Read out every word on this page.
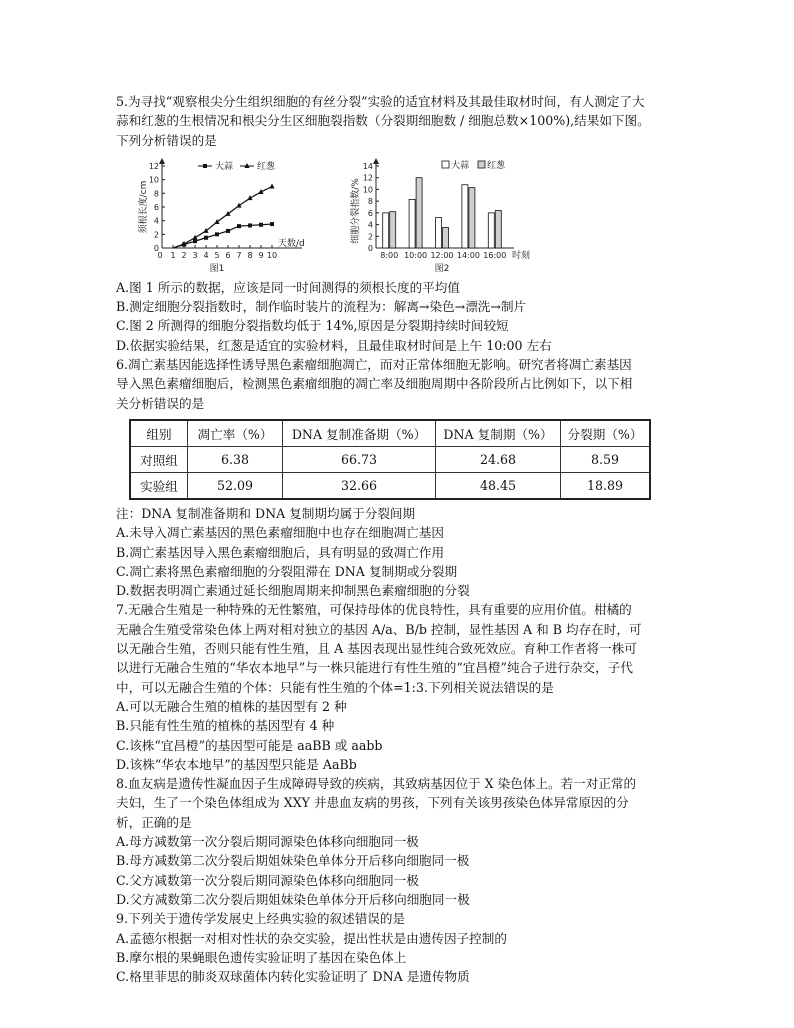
5.为寻找“观察根尖分生组织细胞的有丝分裂”实验的适宜材料及其最佳取材时间，有人测定了大
蒜和红葱的生根情况和根尖分生区细胞裂指数（分裂期细胞数 / 细胞总数×100%),结果如下图。
下列分析错误的是
0
2
4
6
8
10
12
0 1 2 3 4 5 6 7 8 9 10
天数/d
须根长度/cm
图1
大蒜	红葱
0
2
4
6
8
10
12
14
8:00 10:00 12:00 14:00 16:00 时刻
细胞分裂指数/%
图2
大蒜 红葱
A.图 1 所示的数据，应该是同一时间测得的须根长度的平均值
B.测定细胞分裂指数时，制作临时装片的流程为：解离→染色→漂洗→制片
C.图 2 所测得的细胞分裂指数均低于 14%,原因是分裂期持续时间较短
D.依据实验结果，红葱是适宜的实验材料，且最佳取材时间是上午 10:00 左右
6.凋亡素基因能选择性诱导黑色素瘤细胞凋亡，而对正常体细胞无影响。研究者将凋亡素基因
导入黑色素瘤细胞后，检测黑色素瘤细胞的凋亡率及细胞周期中各阶段所占比例如下，以下相
关分析错误的是
组别	凋亡率（%）	DNA 复制准备期（%）	DNA 复制期（%）	分裂期（%）
对照组	6.38	66.73	24.68	8.59
实验组	52.09	32.66	48.45	18.89
注：DNA 复制准备期和 DNA 复制期均属于分裂间期
A.未导入凋亡素基因的黑色素瘤细胞中也存在细胞凋亡基因
B.凋亡素基因导入黑色素瘤细胞后，具有明显的致凋亡作用
C.凋亡素将黑色素瘤细胞的分裂阻滞在 DNA 复制期或分裂期
D.数据表明凋亡素通过延长细胞周期来抑制黑色素瘤细胞的分裂
7.无融合生殖是一种特殊的无性繁殖，可保持母体的优良特性，具有重要的应用价值。柑橘的
无融合生殖受常染色体上两对相对独立的基因 A/a、B/b 控制，显性基因 A 和 B 均存在时，可
以无融合生殖，否则只能有性生殖，且 A 基因表现出显性纯合致死效应。育种工作者将一株可
以进行无融合生殖的“华农本地早”与一株只能进行有性生殖的“宜昌橙”纯合子进行杂交，子代
中，可以无融合生殖的个体：只能有性生殖的个体=1:3.下列相关说法错误的是
A.可以无融合生殖的植株的基因型有 2 种
B.只能有性生殖的植株的基因型有 4 种
C.该株“宜昌橙”的基因型可能是 aaBB 或 aabb
D.该株“华农本地早”的基因型只能是 AaBb
8.血友病是遗传性凝血因子生成障碍导致的疾病，其致病基因位于 X 染色体上。若一对正常的
夫妇，生了一个染色体组成为 XXY 并患血友病的男孩，下列有关该男孩染色体异常原因的分
析，正确的是
A.母方减数第一次分裂后期同源染色体移向细胞同一极
B.母方减数第二次分裂后期姐妹染色单体分开后移向细胞同一极
C.父方减数第一次分裂后期同源染色体移向细胞同一极
D.父方减数第二次分裂后期姐妹染色单体分开后移向细胞同一极
9.下列关于遗传学发展史上经典实验的叙述错误的是
A.孟德尔根据一对相对性状的杂交实验，提出性状是由遗传因子控制的
B.摩尔根的果蝇眼色遗传实验证明了基因在染色体上
C.格里菲思的肺炎双球菌体内转化实验证明了 DNA 是遗传物质
